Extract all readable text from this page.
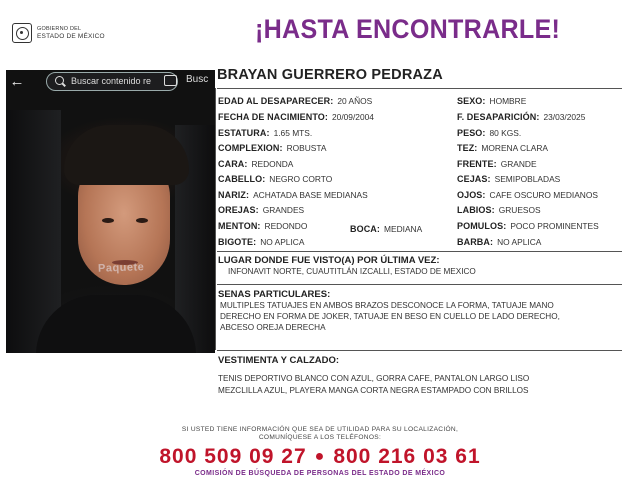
GOBIERNO DEL
ESTADO DE MÉXICO	¡HASTA ENCONTRARLE!
←	Buscar contenido re	Busc
Paquete
BRAYAN GUERRERO PEDRAZA
EDAD AL DESAPARECER: 20 AÑOS
FECHA DE NACIMIENTO: 20/09/2004
ESTATURA: 1.65 MTS.
COMPLEXION: ROBUSTA
CARA: REDONDA
CABELLO: NEGRO CORTO
NARIZ: ACHATADA BASE MEDIANAS
OREJAS: GRANDES
MENTON: REDONDO	BOCA: MEDIANA
BIGOTE: NO APLICA
SEXO: HOMBRE
F. DESAPARICIÓN: 23/03/2025
PESO: 80 KGS.
TEZ: MORENA CLARA
FRENTE: GRANDE
CEJAS: SEMIPOBLADAS
OJOS: CAFE OSCURO MEDIANOS
LABIOS: GRUESOS
POMULOS: POCO PROMINENTES
BARBA: NO APLICA
LUGAR DONDE FUE VISTO(A) POR ÚLTIMA VEZ:
INFONAVIT NORTE, CUAUTITLÁN IZCALLI, ESTADO DE MEXICO
SENAS PARTICULARES:
MULTIPLES TATUAJES EN AMBOS BRAZOS DESCONOCE LA FORMA, TATUAJE MANO
DERECHO EN FORMA DE JOKER, TATUAJE EN BESO EN CUELLO DE LADO DERECHO,
ABCESO OREJA DERECHA
VESTIMENTA Y CALZADO:
TENIS DEPORTIVO BLANCO CON AZUL, GORRA CAFE, PANTALON LARGO LISO
MEZCLILLA AZUL, PLAYERA MANGA CORTA NEGRA ESTAMPADO CON BRILLOS
SI USTED TIENE INFORMACIÓN QUE SEA DE UTILIDAD PARA SU LOCALIZACIÓN,
COMUNÍQUESE A LOS TELÉFONOS:
800 509 09 27 ● 800 216 03 61
COMISIÓN DE BÚSQUEDA DE PERSONAS DEL ESTADO DE MÉXICO
